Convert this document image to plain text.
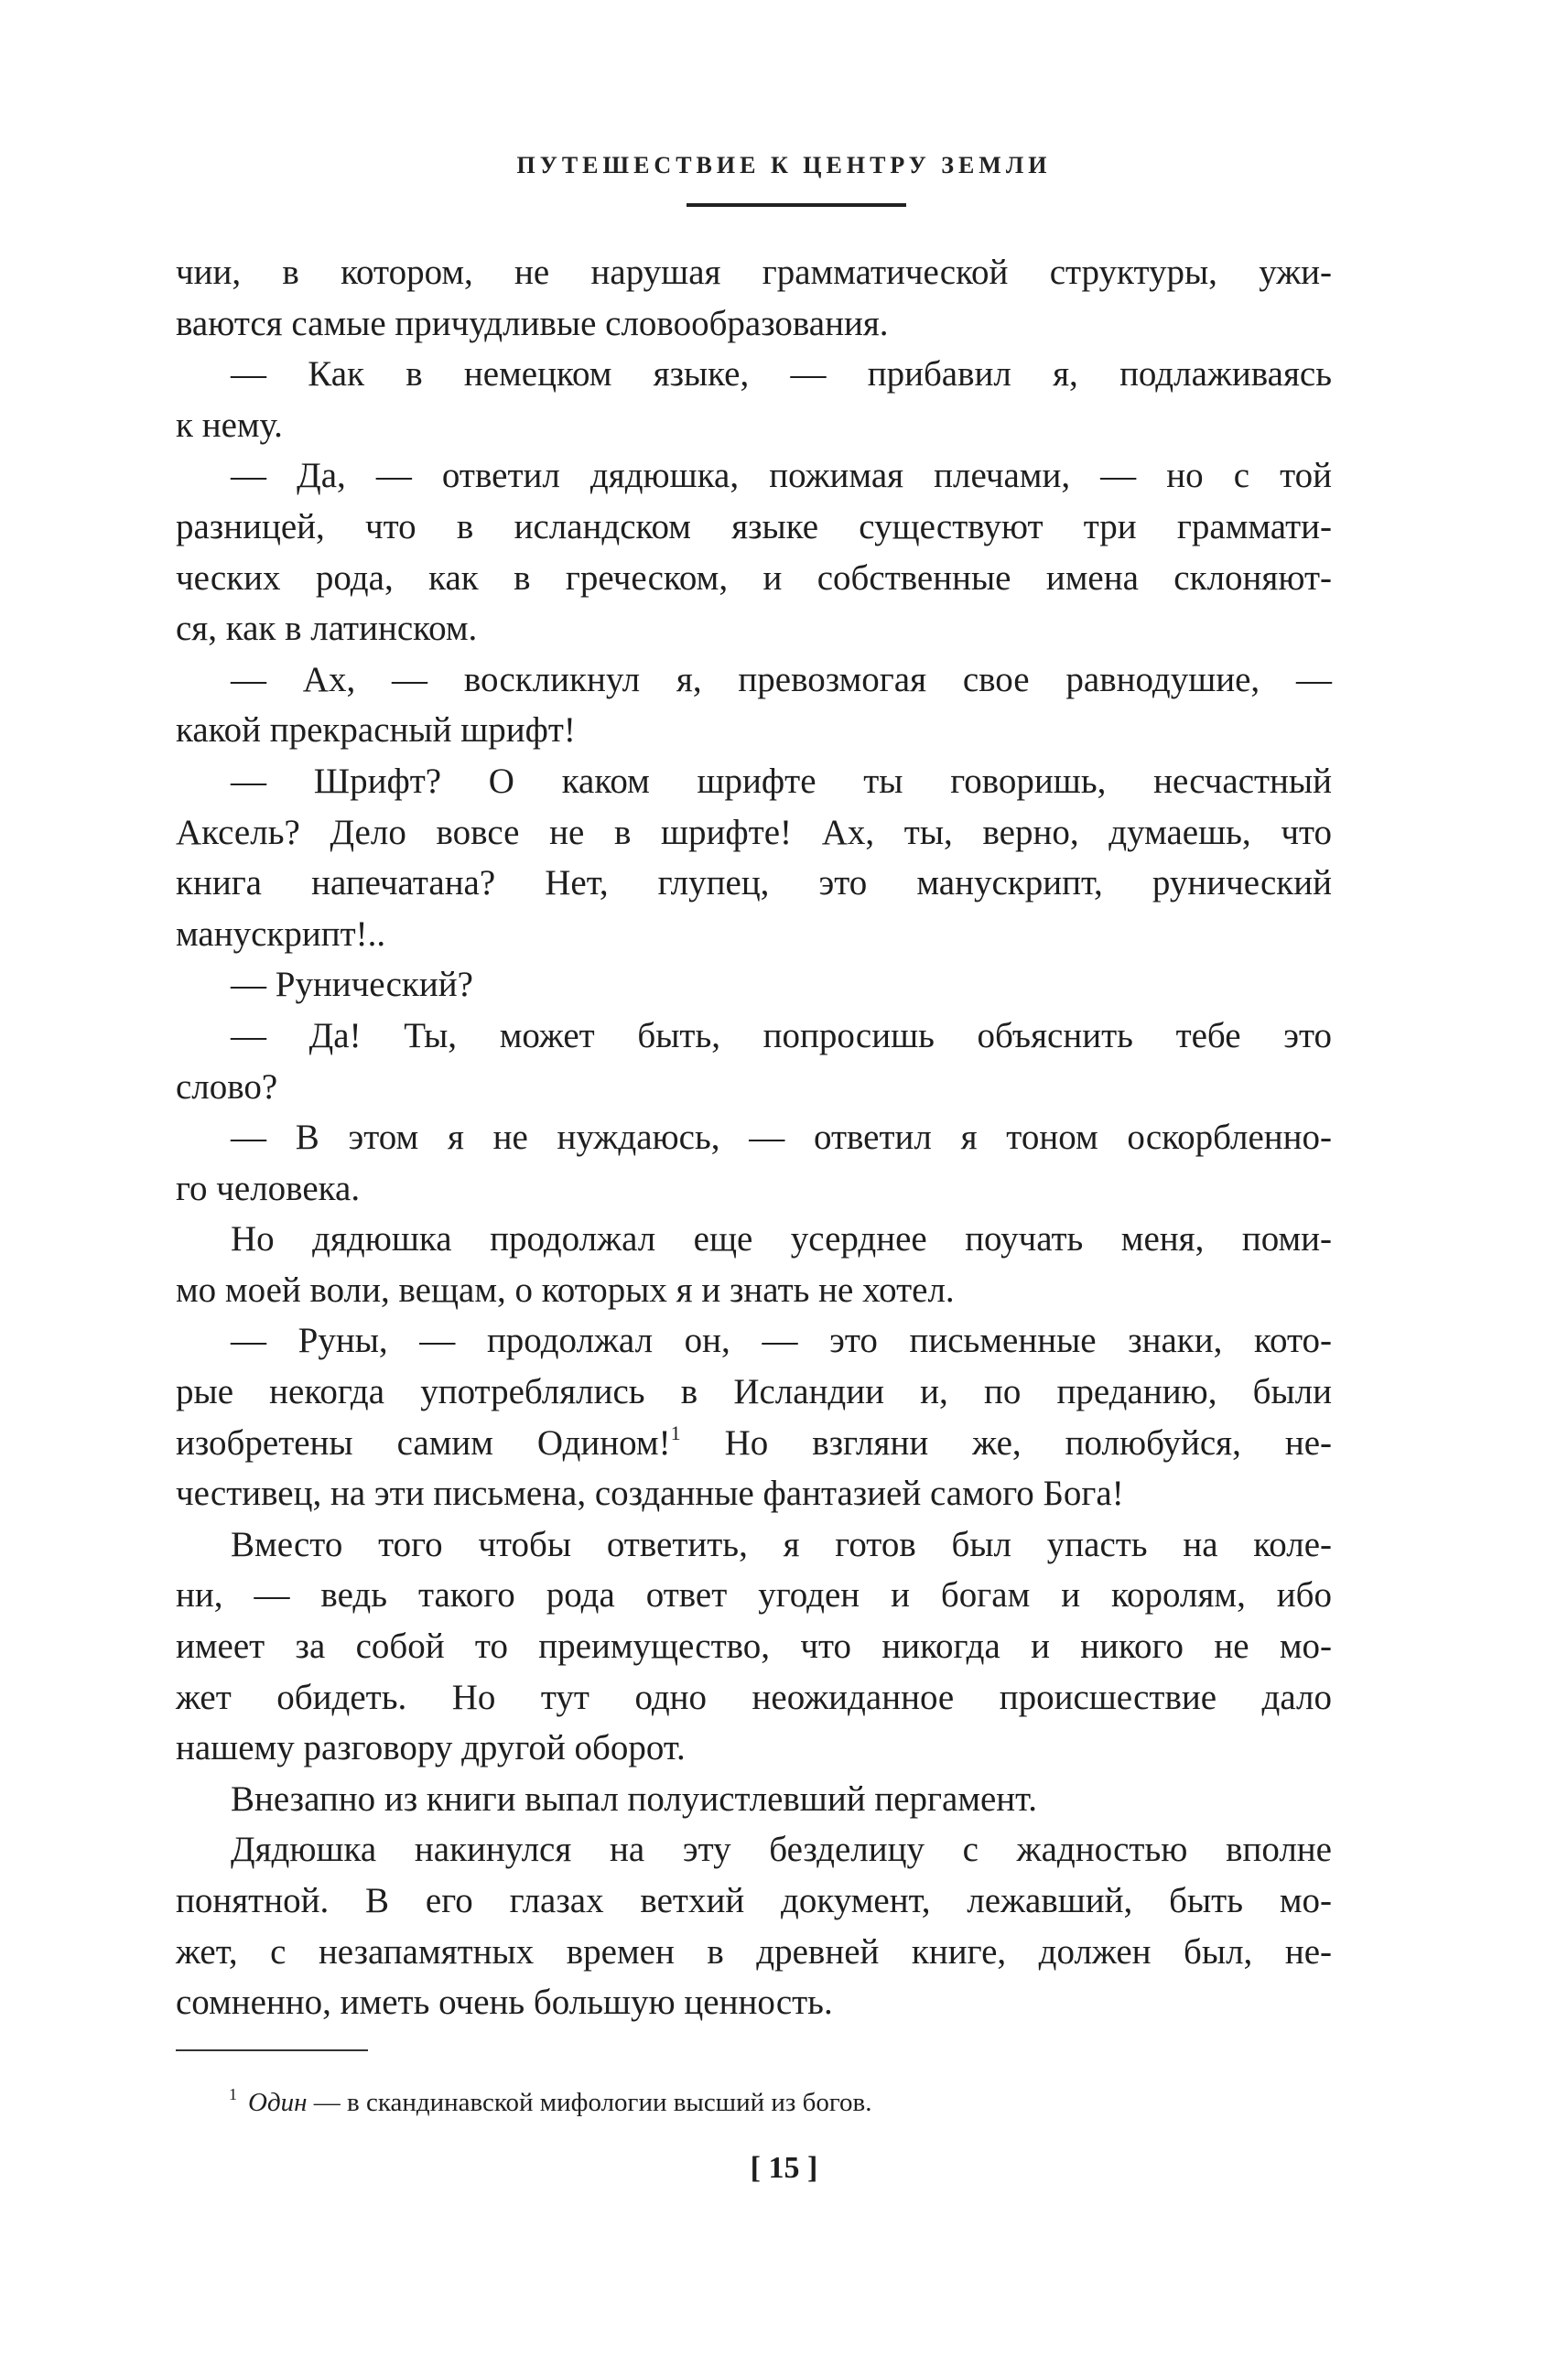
ПУТЕШЕСТВИЕ К ЦЕНТРУ ЗЕМЛИ
чии, в котором, не нарушая грамматической структуры, ужи-
ваются самые причудливые словообразования.
— Как в немецком языке, — прибавил я, подлаживаясь
к нему.
— Да, — ответил дядюшка, пожимая плечами, — но с той
разницей, что в исландском языке существуют три граммати-
ческих рода, как в греческом, и собственные имена склоняют-
ся, как в латинском.
— Ах, — воскликнул я, превозмогая свое равнодушие, —
какой прекрасный шрифт!
— Шрифт? О каком шрифте ты говоришь, несчастный
Аксель? Дело вовсе не в шрифте! Ах, ты, верно, думаешь, что
книга напечатана? Нет, глупец, это манускрипт, рунический
манускрипт!..
— Рунический?
— Да! Ты, может быть, попросишь объяснить тебе это
слово?
— В этом я не нуждаюсь, — ответил я тоном оскорбленно-
го человека.
Но дядюшка продолжал еще усерднее поучать меня, поми-
мо моей воли, вещам, о которых я и знать не хотел.
— Руны, — продолжал он, — это письменные знаки, кото-
рые некогда употреблялись в Исландии и, по преданию, были
изобретены самим Одином!$^1$ Но взгляни же, полюбуйся, не-
честивец, на эти письмена, созданные фантазией самого Бога!
Вместо того чтобы ответить, я готов был упасть на коле-
ни, — ведь такого рода ответ угоден и богам и королям, ибо
имеет за собой то преимущество, что никогда и никого не мо-
жет обидеть. Но тут одно неожиданное происшествие дало
нашему разговору другой оборот.
Внезапно из книги выпал полуистлевший пергамент.
Дядюшка накинулся на эту безделицу с жадностью вполне
понятной. В его глазах ветхий документ, лежавший, быть мо-
жет, с незапамятных времен в древней книге, должен был, не-
сомненно, иметь очень большую ценность.
$^1$ Один — в скандинавской мифологии высший из богов.
[ 15 ]
